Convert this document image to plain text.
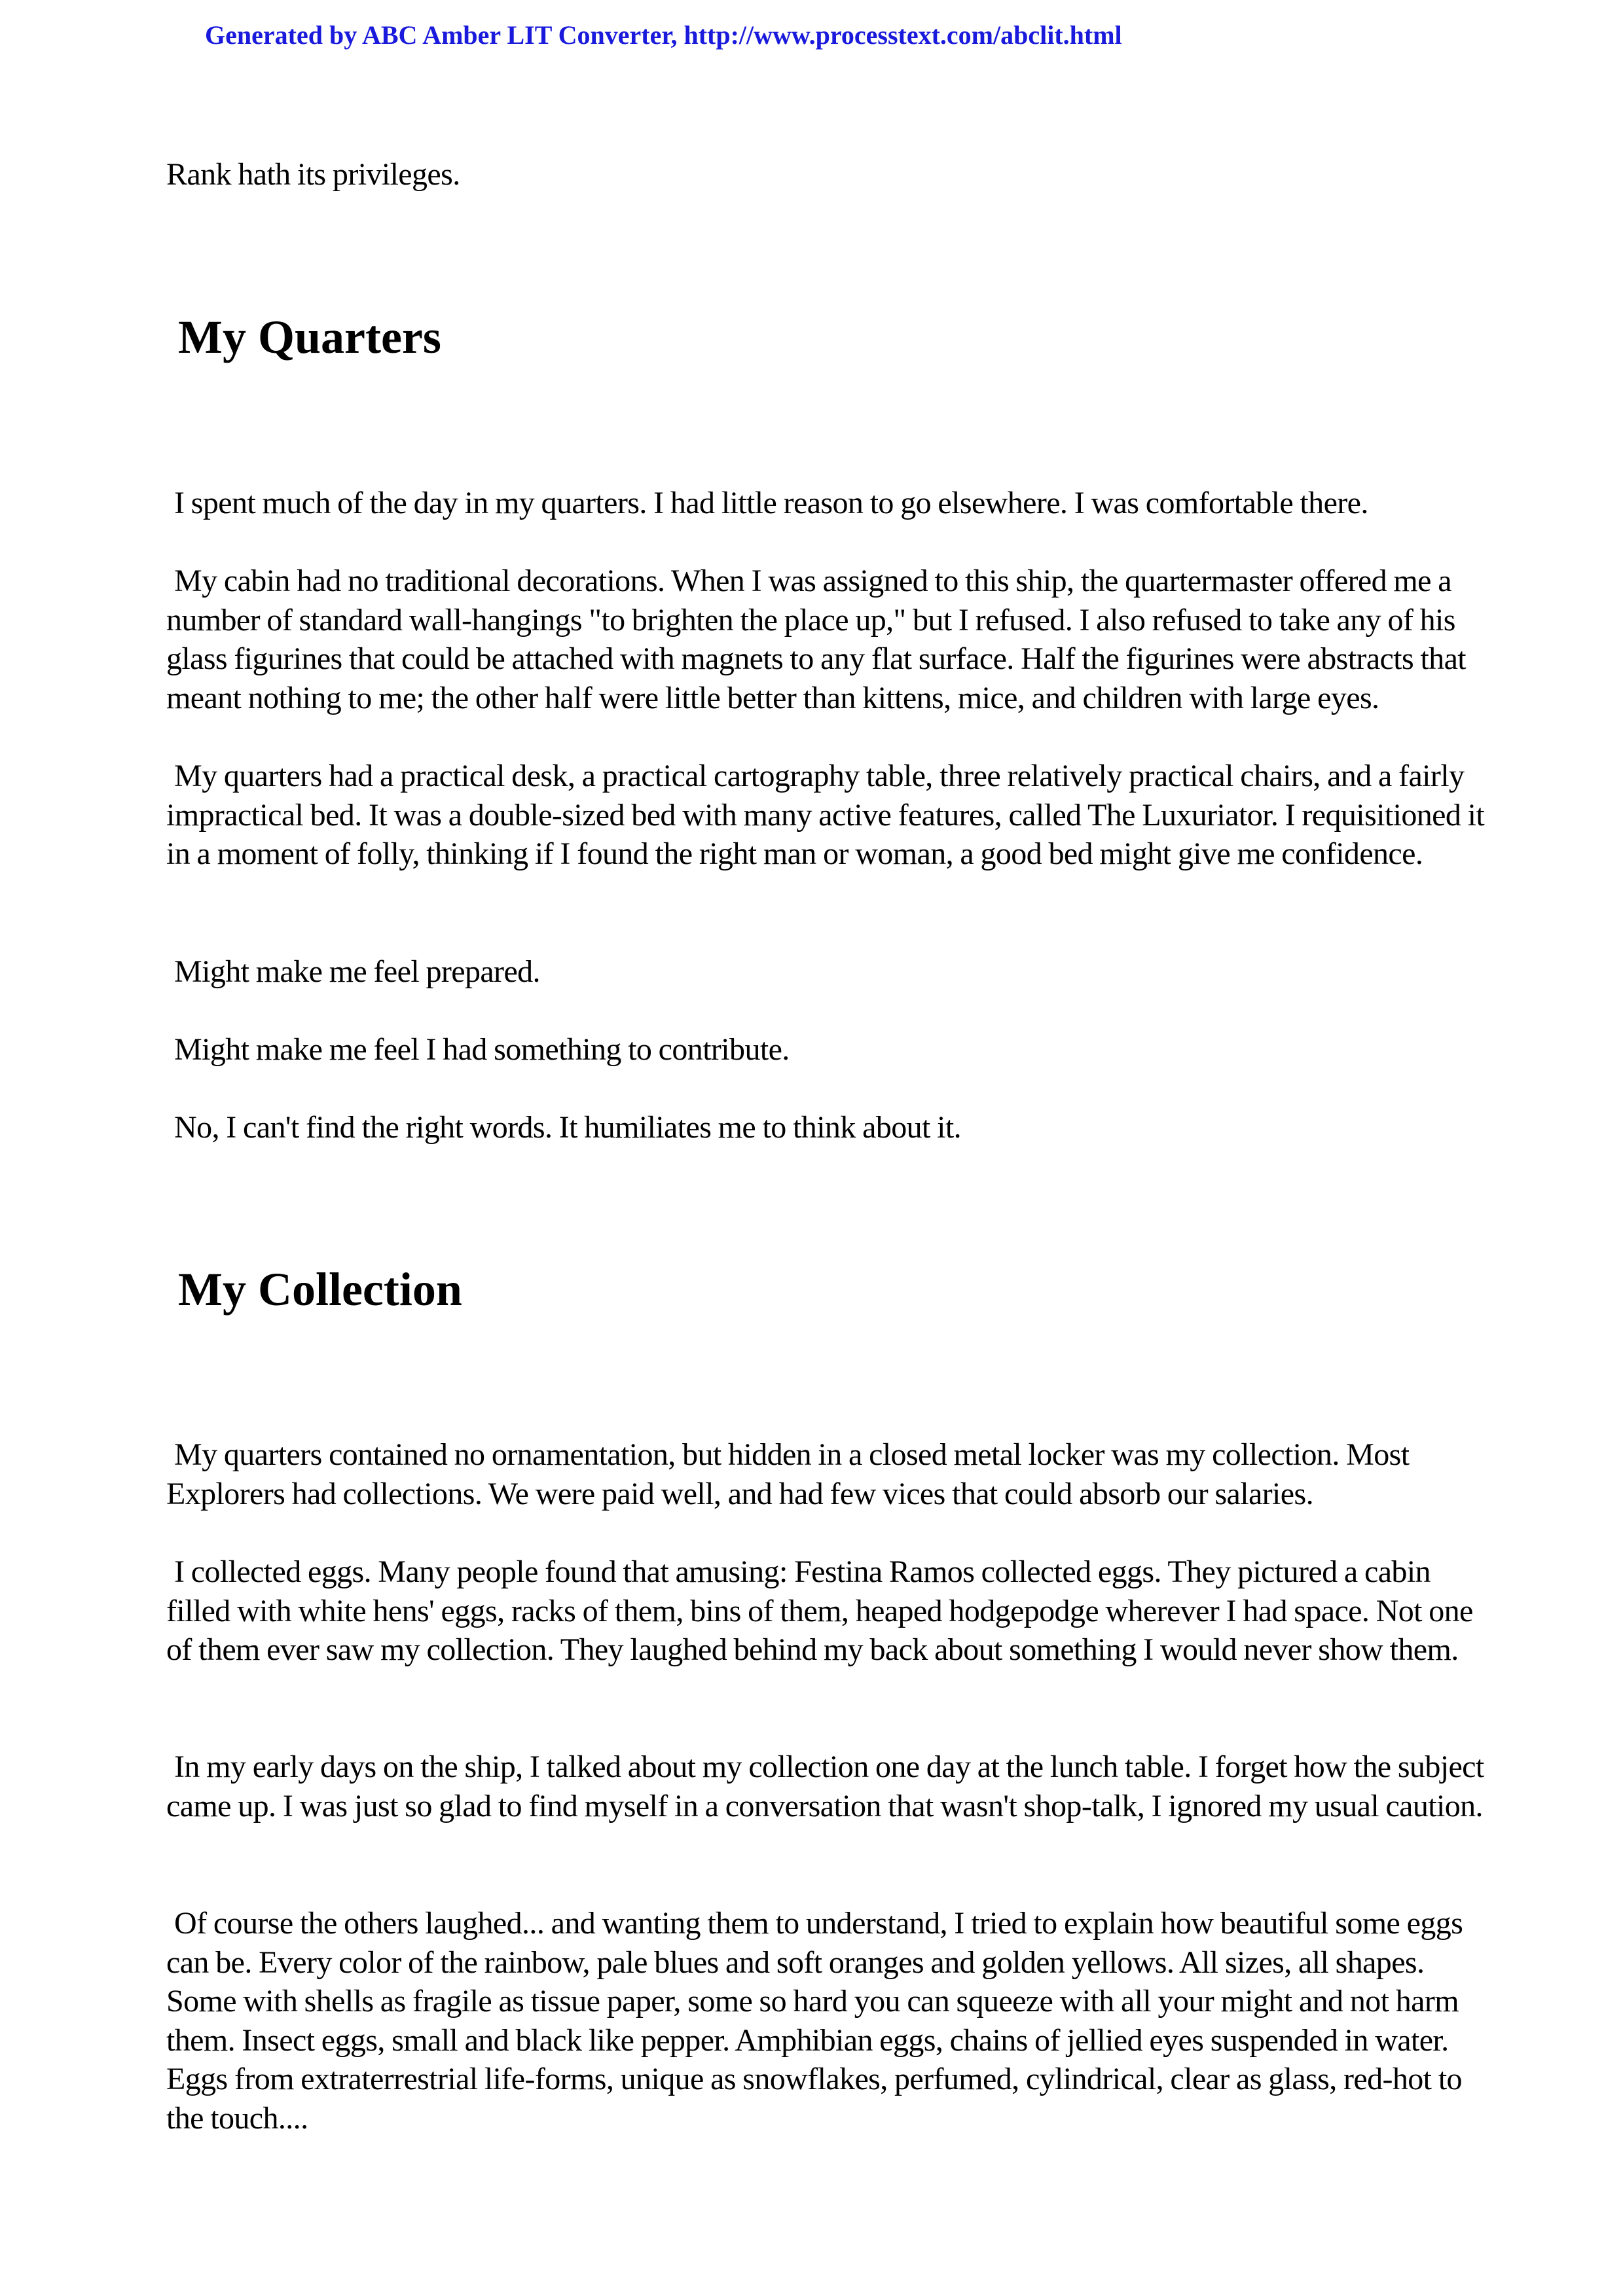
Generated by ABC Amber LIT Converter, http://www.processtext.com/abclit.html

Rank hath its privileges.

My Quarters

I spent much of the day in my quarters. I had little reason to go elsewhere. I was comfortable there.

My cabin had no traditional decorations. When I was assigned to this ship, the quartermaster offered me a number of standard wall-hangings "to brighten the place up," but I refused. I also refused to take any of his glass figurines that could be attached with magnets to any flat surface. Half the figurines were abstracts that meant nothing to me; the other half were little better than kittens, mice, and children with large eyes.

My quarters had a practical desk, a practical cartography table, three relatively practical chairs, and a fairly impractical bed. It was a double-sized bed with many active features, called The Luxuriator. I requisitioned it in a moment of folly, thinking if I found the right man or woman, a good bed might give me confidence.

Might make me feel prepared.

Might make me feel I had something to contribute.

No, I can't find the right words. It humiliates me to think about it.

My Collection

My quarters contained no ornamentation, but hidden in a closed metal locker was my collection. Most Explorers had collections. We were paid well, and had few vices that could absorb our salaries.

I collected eggs. Many people found that amusing: Festina Ramos collected eggs. They pictured a cabin filled with white hens' eggs, racks of them, bins of them, heaped hodgepodge wherever I had space. Not one of them ever saw my collection. They laughed behind my back about something I would never show them.

In my early days on the ship, I talked about my collection one day at the lunch table. I forget how the subject came up. I was just so glad to find myself in a conversation that wasn't shop-talk, I ignored my usual caution.

Of course the others laughed... and wanting them to understand, I tried to explain how beautiful some eggs can be. Every color of the rainbow, pale blues and soft oranges and golden yellows. All sizes, all shapes. Some with shells as fragile as tissue paper, some so hard you can squeeze with all your might and not harm them. Insect eggs, small and black like pepper. Amphibian eggs, chains of jellied eyes suspended in water. Eggs from extraterrestrial life-forms, unique as snowflakes, perfumed, cylindrical, clear as glass, red-hot to the touch....
